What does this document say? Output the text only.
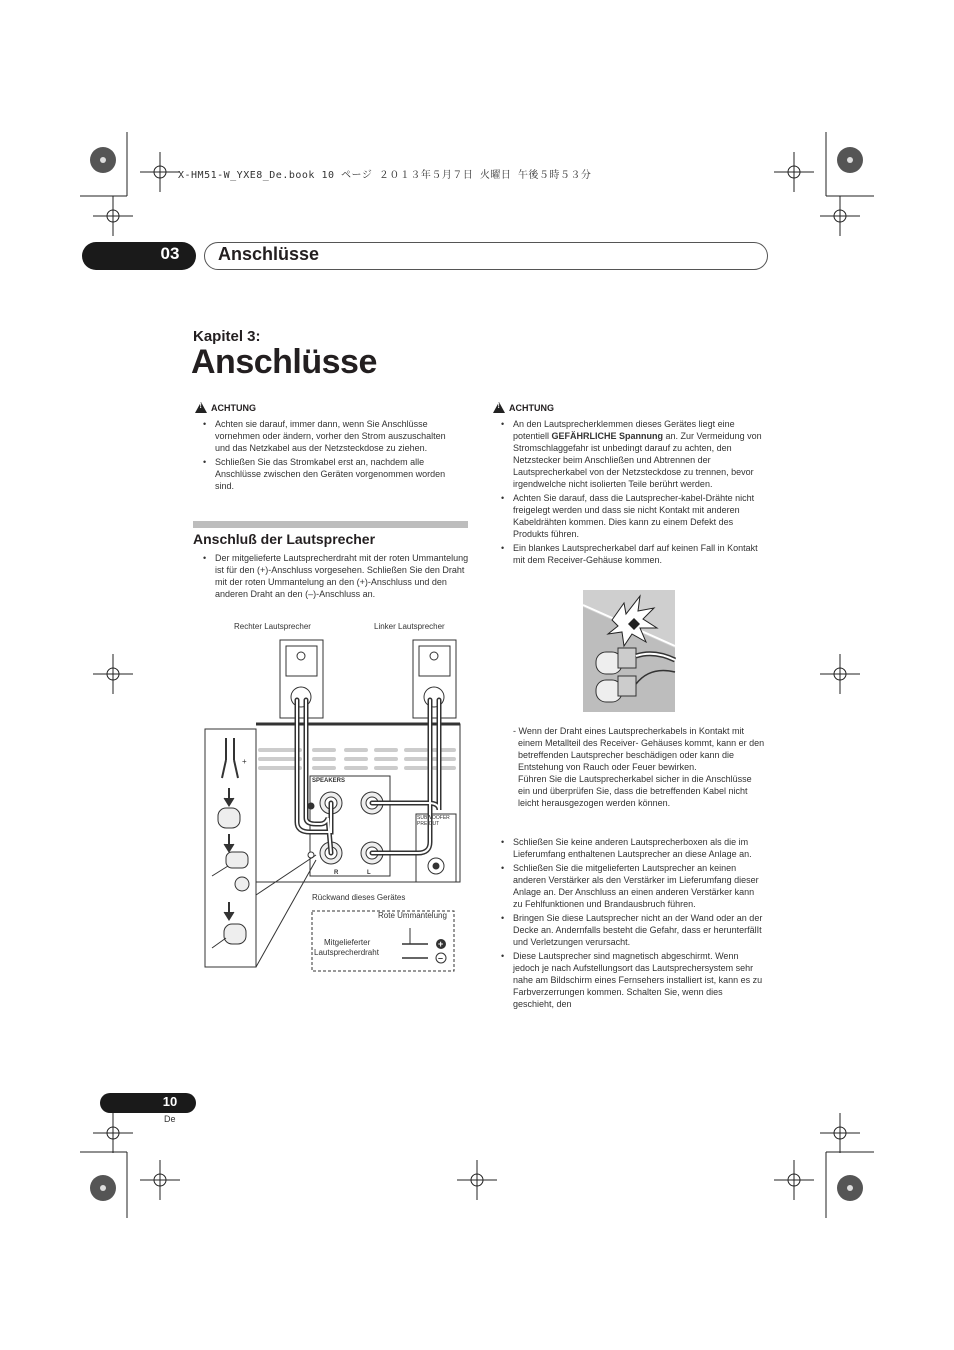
X-HM51-W_YXE8_De.book 10 ページ ２０１３年５月７日 火曜日 午後５時５３分
03	Anschlüsse
Kapitel 3:
Anschlüsse
!
ACHTUNG
• Achten sie darauf, immer dann, wenn Sie Anschlüsse vornehmen oder ändern, vorher den Strom auszuschalten und das Netzkabel aus der Netzsteckdose zu ziehen.
• Schließen Sie das Stromkabel erst an, nachdem alle Anschlüsse zwischen den Geräten vorgenommen worden sind.
Anschluß der Lautsprecher
• Der mitgelieferte Lautsprecherdraht mit der roten Ummantelung ist für den (+)-Anschluss vorgesehen. Schließen Sie den Draht mit der roten Ummantelung an den (+)-Anschluss und den anderen Draht an den (–)-Anschluss an.
+
–
Rechter Lautsprecher	Linker Lautsprecher
SPEAKERS
SUBWOOFER PRE OUT
R	L
+
Rückwand dieses Gerätes
Rote Ummantelung
Mitgelieferter
Lautsprecherdraht
!
ACHTUNG
• An den Lautsprecherklemmen dieses Gerätes liegt eine potentiell GEFÄHRLICHE Spannung an. Zur Vermeidung von Stromschlaggefahr ist unbedingt darauf zu achten, den Netzstecker beim Anschließen und Abtrennen der Lautsprecherkabel von der Netzsteckdose zu trennen, bevor irgendwelche nicht isolierten Teile berührt werden.
• Achten Sie darauf, dass die Lautsprecher-kabel-Drähte nicht freigelegt werden und dass sie nicht Kontakt mit anderen Kabeldrähten kommen. Dies kann zu einem Defekt des Produkts führen.
• Ein blankes Lautsprecherkabel darf auf keinen Fall in Kontakt mit dem Receiver-Gehäuse kommen.
- Wenn der Draht eines Lautsprecherkabels in Kontakt mit einem Metallteil des Receiver- Gehäuses kommt, kann er den betreffenden Lautsprecher beschädigen oder kann die Entstehung von Rauch oder Feuer bewirken.
Führen Sie die Lautsprecherkabel sicher in die Anschlüsse ein und überprüfen Sie, dass die betreffenden Kabel nicht leicht herausgezogen werden können.
• Schließen Sie keine anderen Lautsprecherboxen als die im Lieferumfang enthaltenen Lautsprecher an diese Anlage an.
• Schließen Sie die mitgelieferten Lautsprecher an keinen anderen Verstärker als den Verstärker im Lieferumfang dieser Anlage an. Der Anschluss an einen anderen Verstärker kann zu Fehlfunktionen und Brandausbruch führen.
• Bringen Sie diese Lautsprecher nicht an der Wand oder an der Decke an. Andernfalls besteht die Gefahr, dass er herunterfälIt und Verletzungen verursacht.
• Diese Lautsprecher sind magnetisch abgeschirmt. Wenn jedoch je nach Aufstellungsort das Lautsprechersystem sehr nahe am Bildschirm eines Fernsehers installiert ist, kann es zu Farbverzerrungen kommen. Schalten Sie, wenn dies geschieht, den
10
De
